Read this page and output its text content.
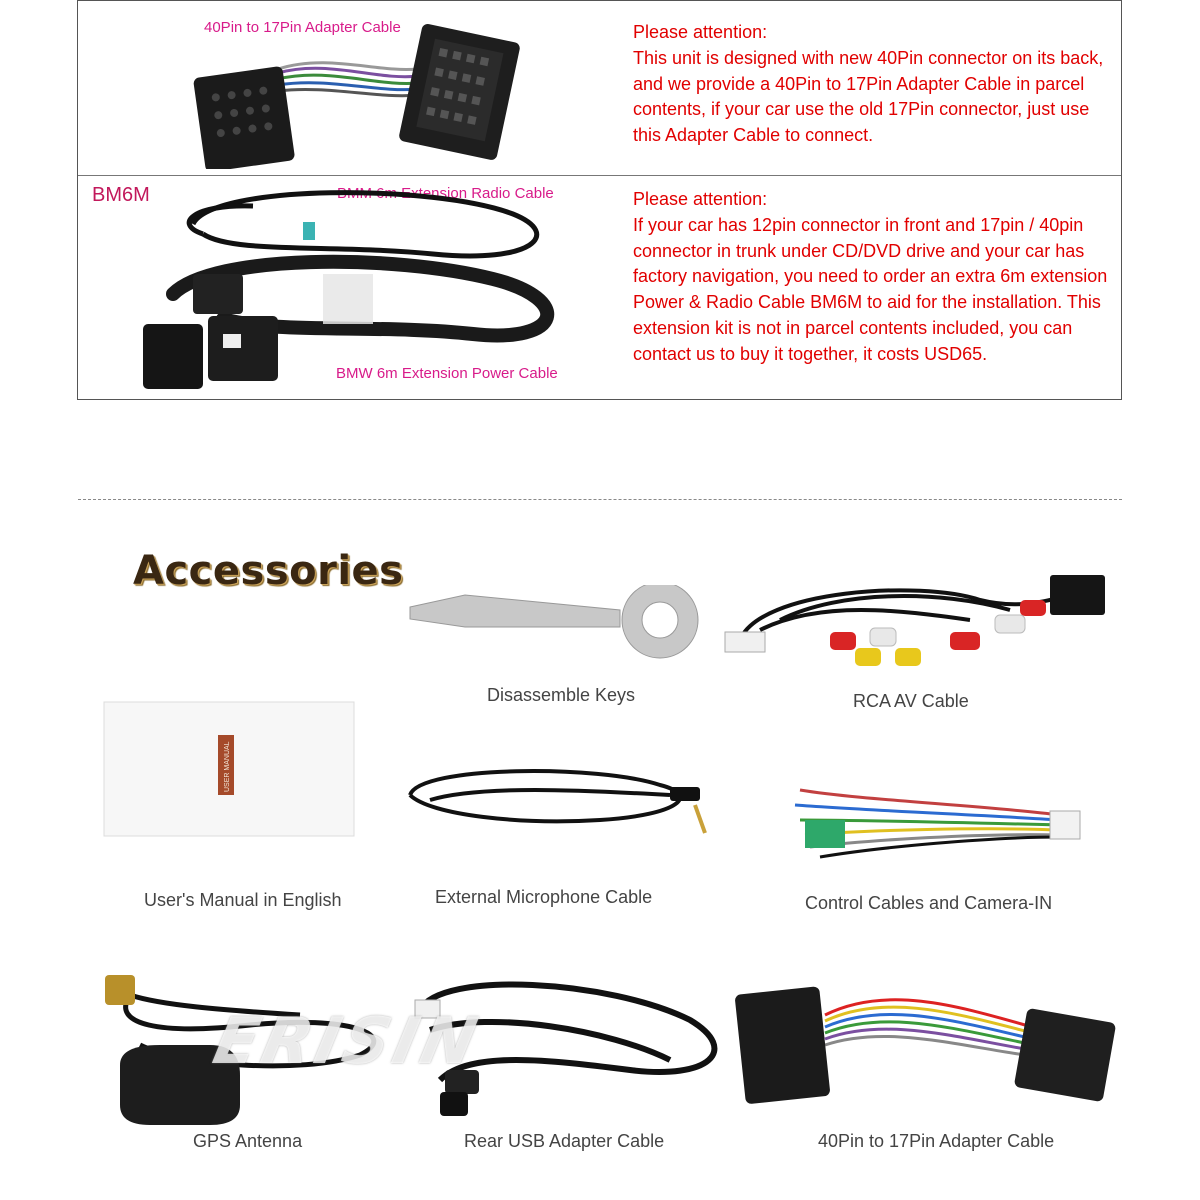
40Pin to 17Pin Adapter Cable	Please attention:
This unit is designed with new 40Pin connector on its back, and we provide a 40Pin to 17Pin Adapter Cable in parcel contents, if your car use the old 17Pin connector, just use this Adapter Cable to connect.
BM6M	BMM 6m Extension Radio Cable
BMW 6m Extension Power Cable
Please attention:
If your car has 12pin connector in front and 17pin / 40pin connector in trunk under CD/DVD drive and your car has factory navigation, you need to order an extra 6m extension Power & Radio Cable BM6M to aid for the installation. This extension kit is not in parcel contents included, you can contact us to buy it together, it costs USD65.
Accessories
Disassemble Keys	RCA AV Cable
USER MANUAL
User's Manual in English	External Microphone Cable	Control Cables and Camera-IN
GPS Antenna	Rear USB Adapter Cable	40Pin to 17Pin Adapter Cable
ERISIN
